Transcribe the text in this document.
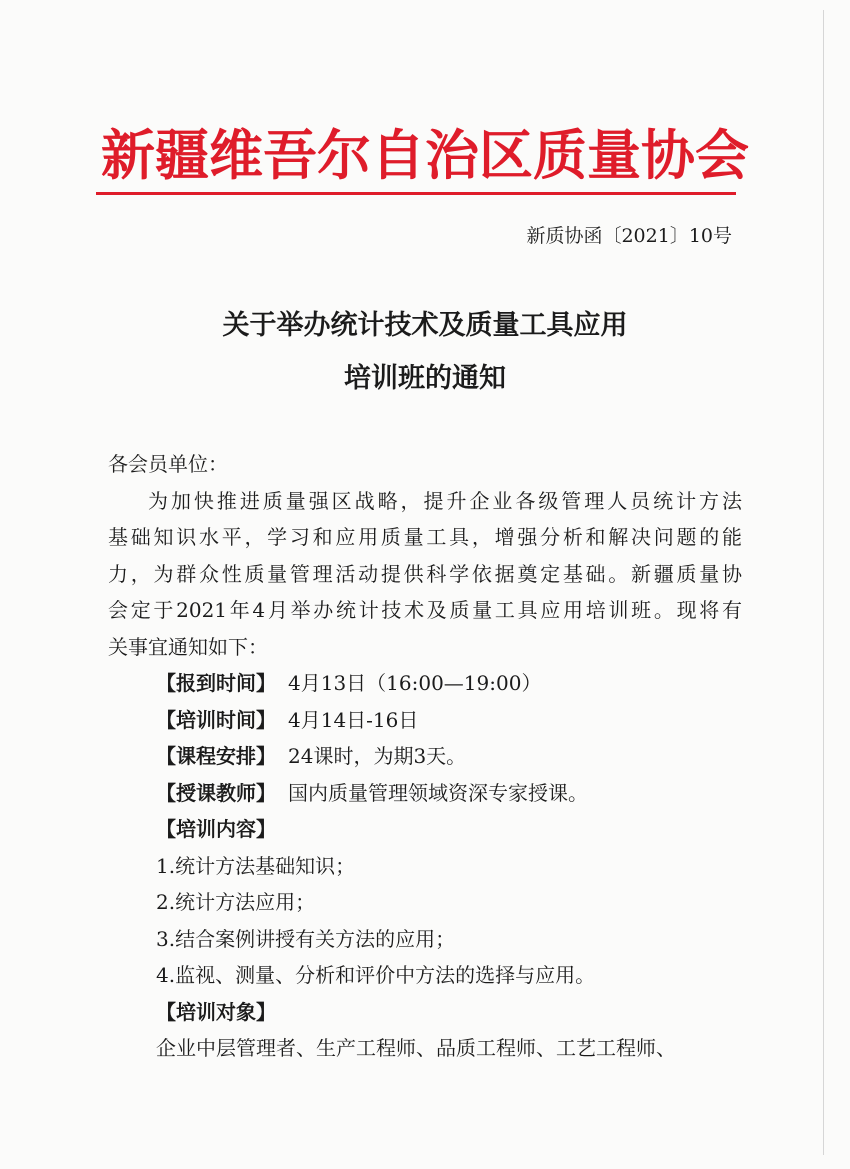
新疆维吾尔自治区质量协会
新质协函〔2021〕10号
关于举办统计技术及质量工具应用
培训班的通知
各会员单位：
为加快推进质量强区战略，提升企业各级管理人员统计方法
基础知识水平，学习和应用质量工具，增强分析和解决问题的能
力，为群众性质量管理活动提供科学依据奠定基础。新疆质量协
会定于2021年4月举办统计技术及质量工具应用培训班。现将有
关事宜通知如下：
【报到时间】 4月13日（16:00—19:00）
【培训时间】 4月14日-16日
【课程安排】 24课时，为期3天。
【授课教师】 国内质量管理领域资深专家授课。
【培训内容】
1.统计方法基础知识；
2.统计方法应用；
3.结合案例讲授有关方法的应用；
4.监视、测量、分析和评价中方法的选择与应用。
【培训对象】
企业中层管理者、生产工程师、品质工程师、工艺工程师、
